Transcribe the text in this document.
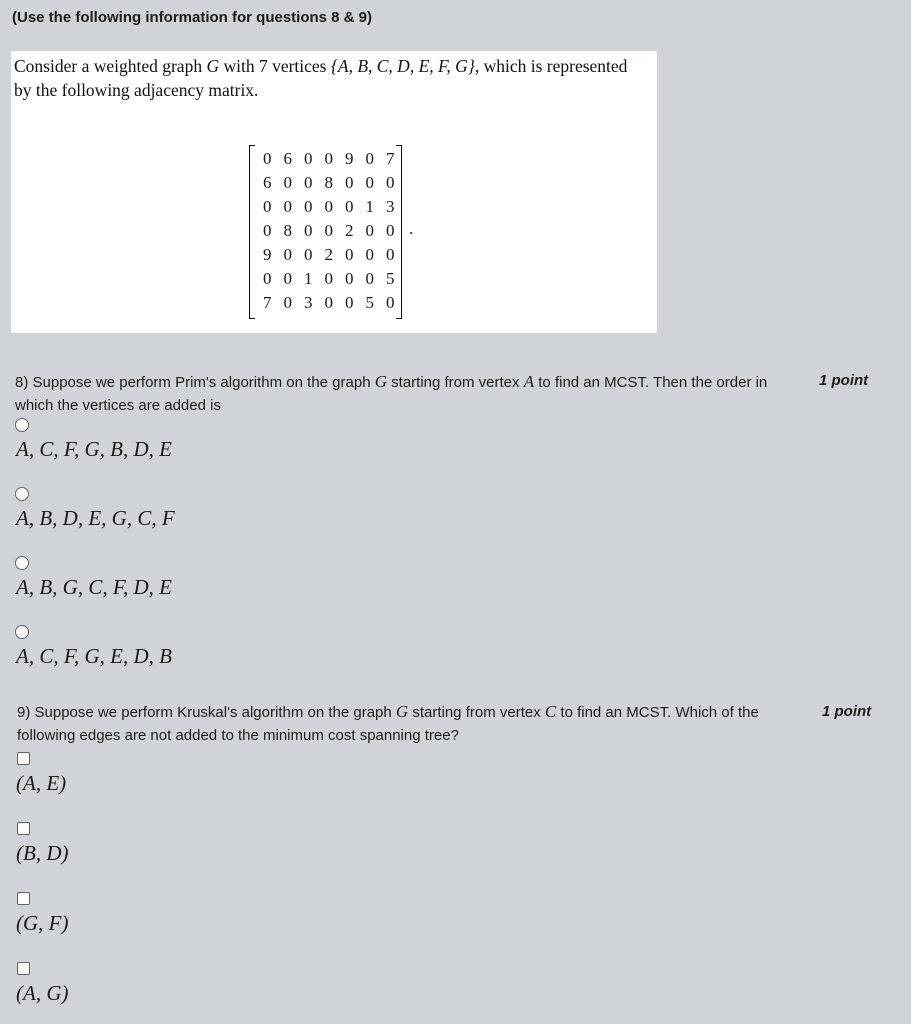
(Use the following information for questions 8 & 9)
Consider a weighted graph G with 7 vertices {A, B, C, D, E, F, G}, which is represented
by the following adjacency matrix.
0 6 0 0 9 0 7
6 0 0 8 0 0 0
0 0 0 0 0 1 3
0 8 0 0 2 0 0
9 0 0 2 0 0 0
0 0 1 0 0 0 5
7 0 3 0 0 5 0
.
8) Suppose we perform Prim's algorithm on the graph G starting from vertex A to find an MCST. Then the order in
which the vertices are added is
1 point
A, C, F, G, B, D, E
A, B, D, E, G, C, F
A, B, G, C, F, D, E
A, C, F, G, E, D, B
9) Suppose we perform Kruskal's algorithm on the graph G starting from vertex C to find an MCST. Which of the
following edges are not added to the minimum cost spanning tree?
1 point
(A, E)
(B, D)
(G, F)
(A, G)
